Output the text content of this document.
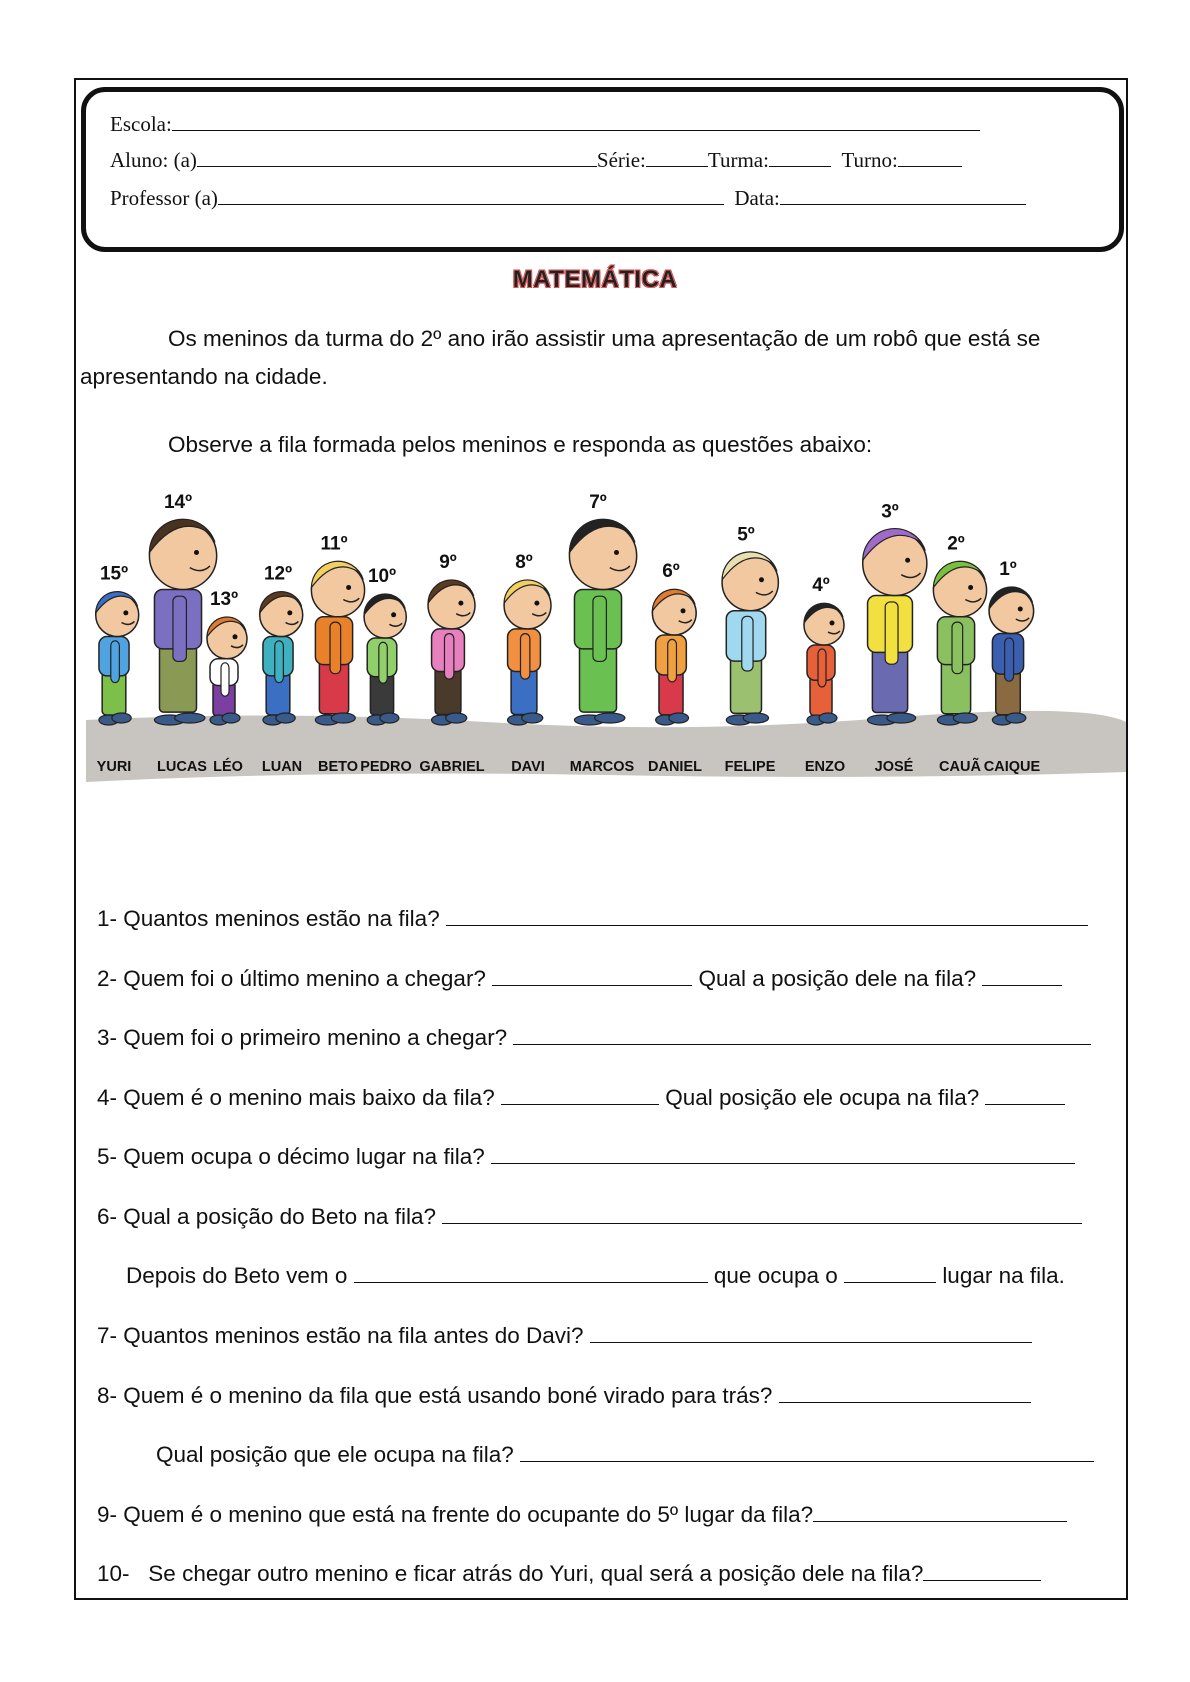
Escola:
Aluno: (a)	Série:	Turma:	Turno:
Professor (a)	Data:
MATEMÁTICA
Os meninos da turma do 2º ano irão assistir uma apresentação de um robô que está se
apresentando na cidade.
Observe a fila formada pelos meninos e responda as questões abaixo:
15º
YURI
14º
LUCAS
13º
LÉO
12º
LUAN
11º
BETO
10º
PEDRO
9º
GABRIEL
8º
DAVI
7º
MARCOS
6º
DANIEL
5º
FELIPE
4º
ENZO
3º
JOSÉ
2º
CAUÃ
1º
CAIQUE
1- Quantos meninos estão na fila?
2- Quem foi o último menino a chegar?	Qual a posição dele na fila?
3- Quem foi o primeiro menino a chegar?
4- Quem é o menino mais baixo da fila?	Qual posição ele ocupa na fila?
5- Quem ocupa o décimo lugar na fila?
6- Qual a posição do Beto na fila?
Depois do Beto vem o	que ocupa o	lugar na fila.
7- Quantos meninos estão na fila antes do Davi?
8- Quem é o menino da fila que está usando boné virado para trás?
Qual posição que ele ocupa na fila?
9- Quem é o menino que está na frente do ocupante do 5º lugar da fila?
10- Se chegar outro menino e ficar atrás do Yuri, qual será a posição dele na fila?
